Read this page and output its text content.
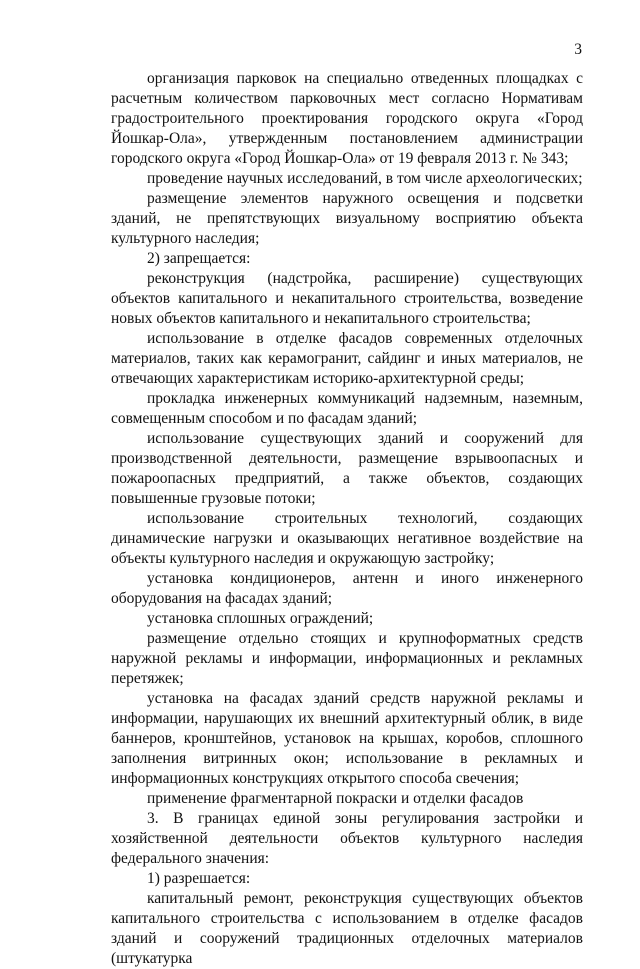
3

организация парковок на специально отведенных площадках с расчетным количеством парковочных мест согласно Нормативам градостроительного проектирования городского округа «Город Йошкар-Ола», утвержденным постановлением администрации городского округа «Город Йошкар-Ола» от 19 февраля 2013 г. № 343;

проведение научных исследований, в том числе археологических;

размещение элементов наружного освещения и подсветки зданий, не препятствующих визуальному восприятию объекта культурного наследия;

2) запрещается:

реконструкция (надстройка, расширение) существующих объектов капитального и некапитального строительства, возведение новых объектов капитального и некапитального строительства;

использование в отделке фасадов современных отделочных материалов, таких как керамогранит, сайдинг и иных материалов, не отвечающих характеристикам историко-архитектурной среды;

прокладка инженерных коммуникаций надземным, наземным, совмещенным способом и по фасадам зданий;

использование существующих зданий и сооружений для производственной деятельности, размещение взрывоопасных и пожароопасных предприятий, а также объектов, создающих повышенные грузовые потоки;

использование строительных технологий, создающих динамические нагрузки и оказывающих негативное воздействие на объекты культурного наследия и окружающую застройку;

установка кондиционеров, антенн и иного инженерного оборудования на фасадах зданий;

установка сплошных ограждений;

размещение отдельно стоящих и крупноформатных средств наружной рекламы и информации, информационных и рекламных перетяжек;

установка на фасадах зданий средств наружной рекламы и информации, нарушающих их внешний архитектурный облик, в виде баннеров, кронштейнов, установок на крышах, коробов, сплошного заполнения витринных окон; использование в рекламных и информационных конструкциях открытого способа свечения;

применение фрагментарной покраски и отделки фасадов

3. В границах единой зоны регулирования застройки и хозяйственной деятельности объектов культурного наследия федерального значения:

1) разрешается:

капитальный ремонт, реконструкция существующих объектов капитального строительства с использованием в отделке фасадов зданий и сооружений традиционных отделочных материалов (штукатурка
